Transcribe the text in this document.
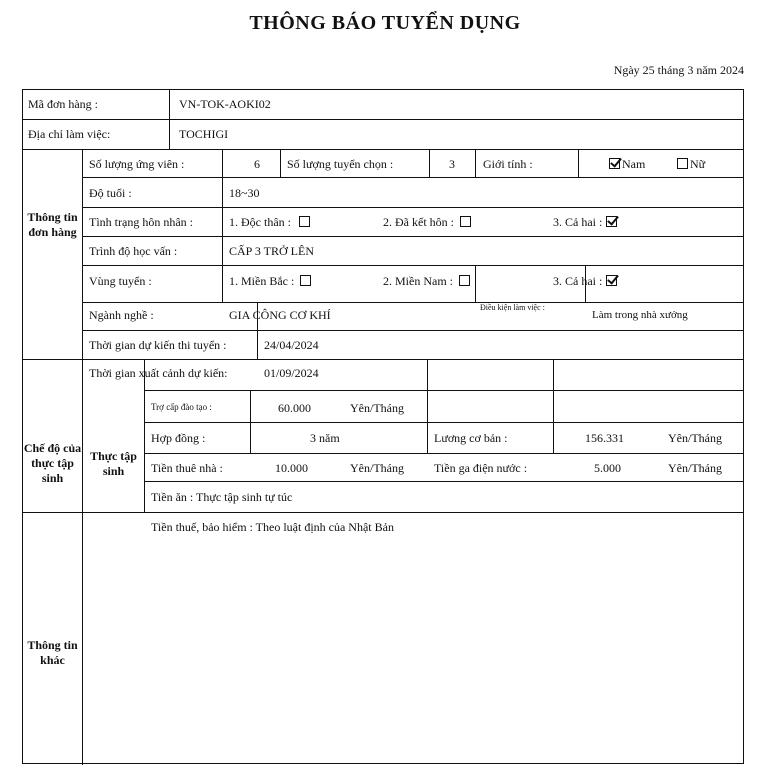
THÔNG BÁO TUYỂN DỤNG
Ngày 25 tháng 3 năm 2024
Mã đơn hàng :	VN-TOK-AOKI02
Địa chỉ làm việc:	TOCHIGI
Thông tin đơn hàng
Số lượng ứng viên :	6 Số lượng tuyển chọn :	3 Giới tính :	Nam	Nữ
Độ tuổi :	18~30
Tình trạng hôn nhân :	1. Độc thân :	2. Đã kết hôn :	3. Cả hai :
Trình độ học vấn :	CẤP 3 TRỞ LÊN
Vùng tuyển :	1. Miền Bắc :	2. Miền Nam :	3. Cả hai :
Ngành nghề :	GIA CÔNG CƠ KHÍ
Điều kiện làm việc :
Làm trong nhà xưởng
Thời gian dự kiến thi tuyển :	24/04/2024
Thời gian xuất cảnh dự kiến:	01/09/2024
Chế độ của thực tập sinh
Thực tập sinh
Trợ cấp đào tạo :	60.000	Yên/Tháng
Hợp đồng :	3 năm	Lương cơ bản :	156.331	Yên/Tháng
Tiền thuê nhà :	10.000	Yên/Tháng	Tiền ga điện nước :	5.000	Yên/Tháng
Tiền ăn : Thực tập sinh tự túc
Tiền thuế, bảo hiểm : Theo luật định của Nhật Bản
Thông tin khác
